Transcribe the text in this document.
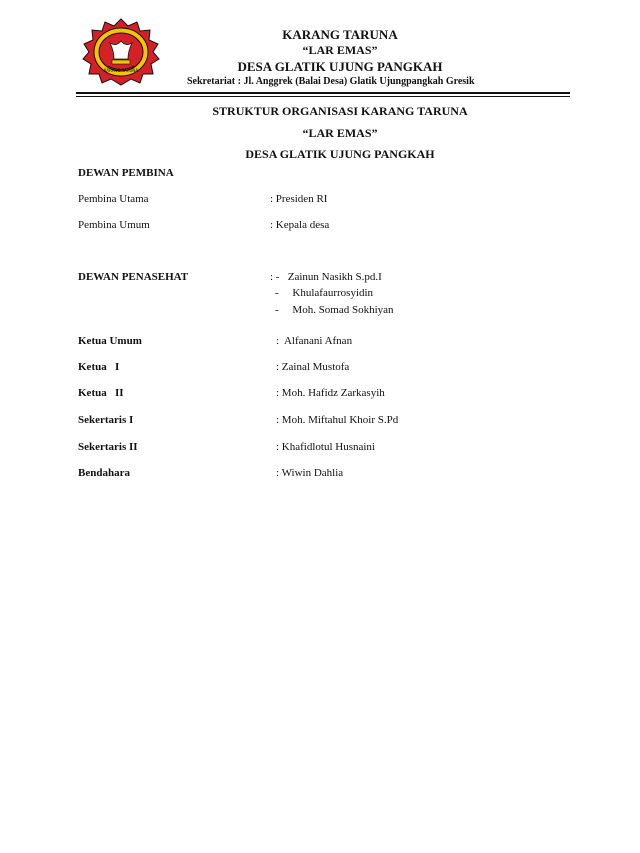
KARANG TARUNA
KARANG TARUNA
“LAR EMAS”
DESA GLATIK UJUNG PANGKAH
Sekretariat : Jl. Anggrek (Balai Desa) Glatik Ujungpangkah Gresik
STRUKTUR ORGANISASI KARANG TARUNA
“LAR EMAS”
DESA GLATIK UJUNG PANGKAH
DEWAN PEMBINA
Pembina Utama	: Presiden RI
Pembina Umum	: Kepala desa
DEWAN PENASEHAT	: -   Zainun Nasikh S.pd.I
-     Khulafaurrosyidin
-     Moh. Somad Sokhiyan
Ketua Umum	:  Alfanani Afnan
Ketua   I	: Zainal Mustofa
Ketua   II	: Moh. Hafidz Zarkasyih
Sekertaris I	: Moh. Miftahul Khoir S.Pd
Sekertaris II	: Khafidlotul Husnaini
Bendahara	: Wiwin Dahlia
